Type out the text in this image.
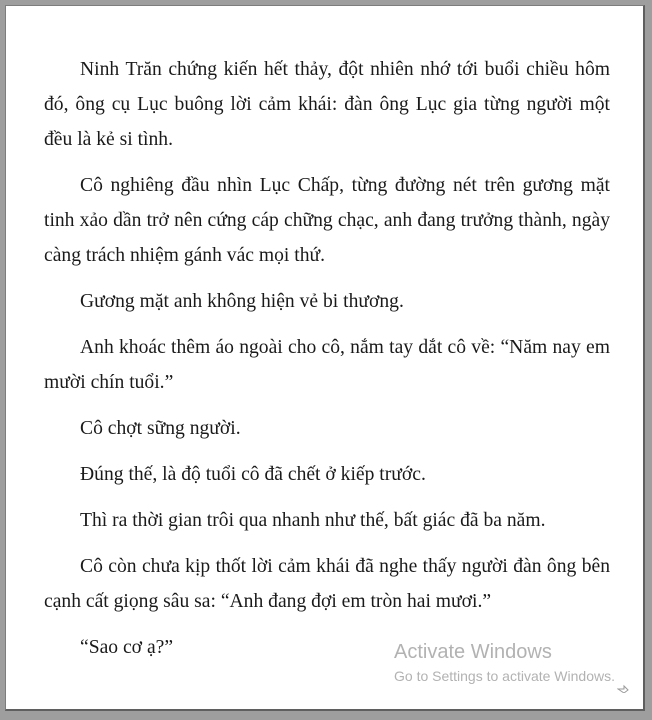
Ninh Trăn chứng kiến hết thảy, đột nhiên nhớ tới buổi chiều hôm đó, ông cụ Lục buông lời cảm khái: đàn ông Lục gia từng người một đều là kẻ si tình.

Cô nghiêng đầu nhìn Lục Chấp, từng đường nét trên gương mặt tinh xảo dần trở nên cứng cáp chững chạc, anh đang trưởng thành, ngày càng trách nhiệm gánh vác mọi thứ.

Gương mặt anh không hiện vẻ bi thương.

Anh khoác thêm áo ngoài cho cô, nắm tay dắt cô về: “Năm nay em mười chín tuổi.”

Cô chợt sững người.

Đúng thế, là độ tuổi cô đã chết ở kiếp trước.

Thì ra thời gian trôi qua nhanh như thế, bất giác đã ba năm.

Cô còn chưa kịp thốt lời cảm khái đã nghe thấy người đàn ông bên cạnh cất giọng sâu sa: “Anh đang đợi em tròn hai mươi.”

“Sao cơ ạ?”	Activate Windows
Go to Settings to activate Windows.
